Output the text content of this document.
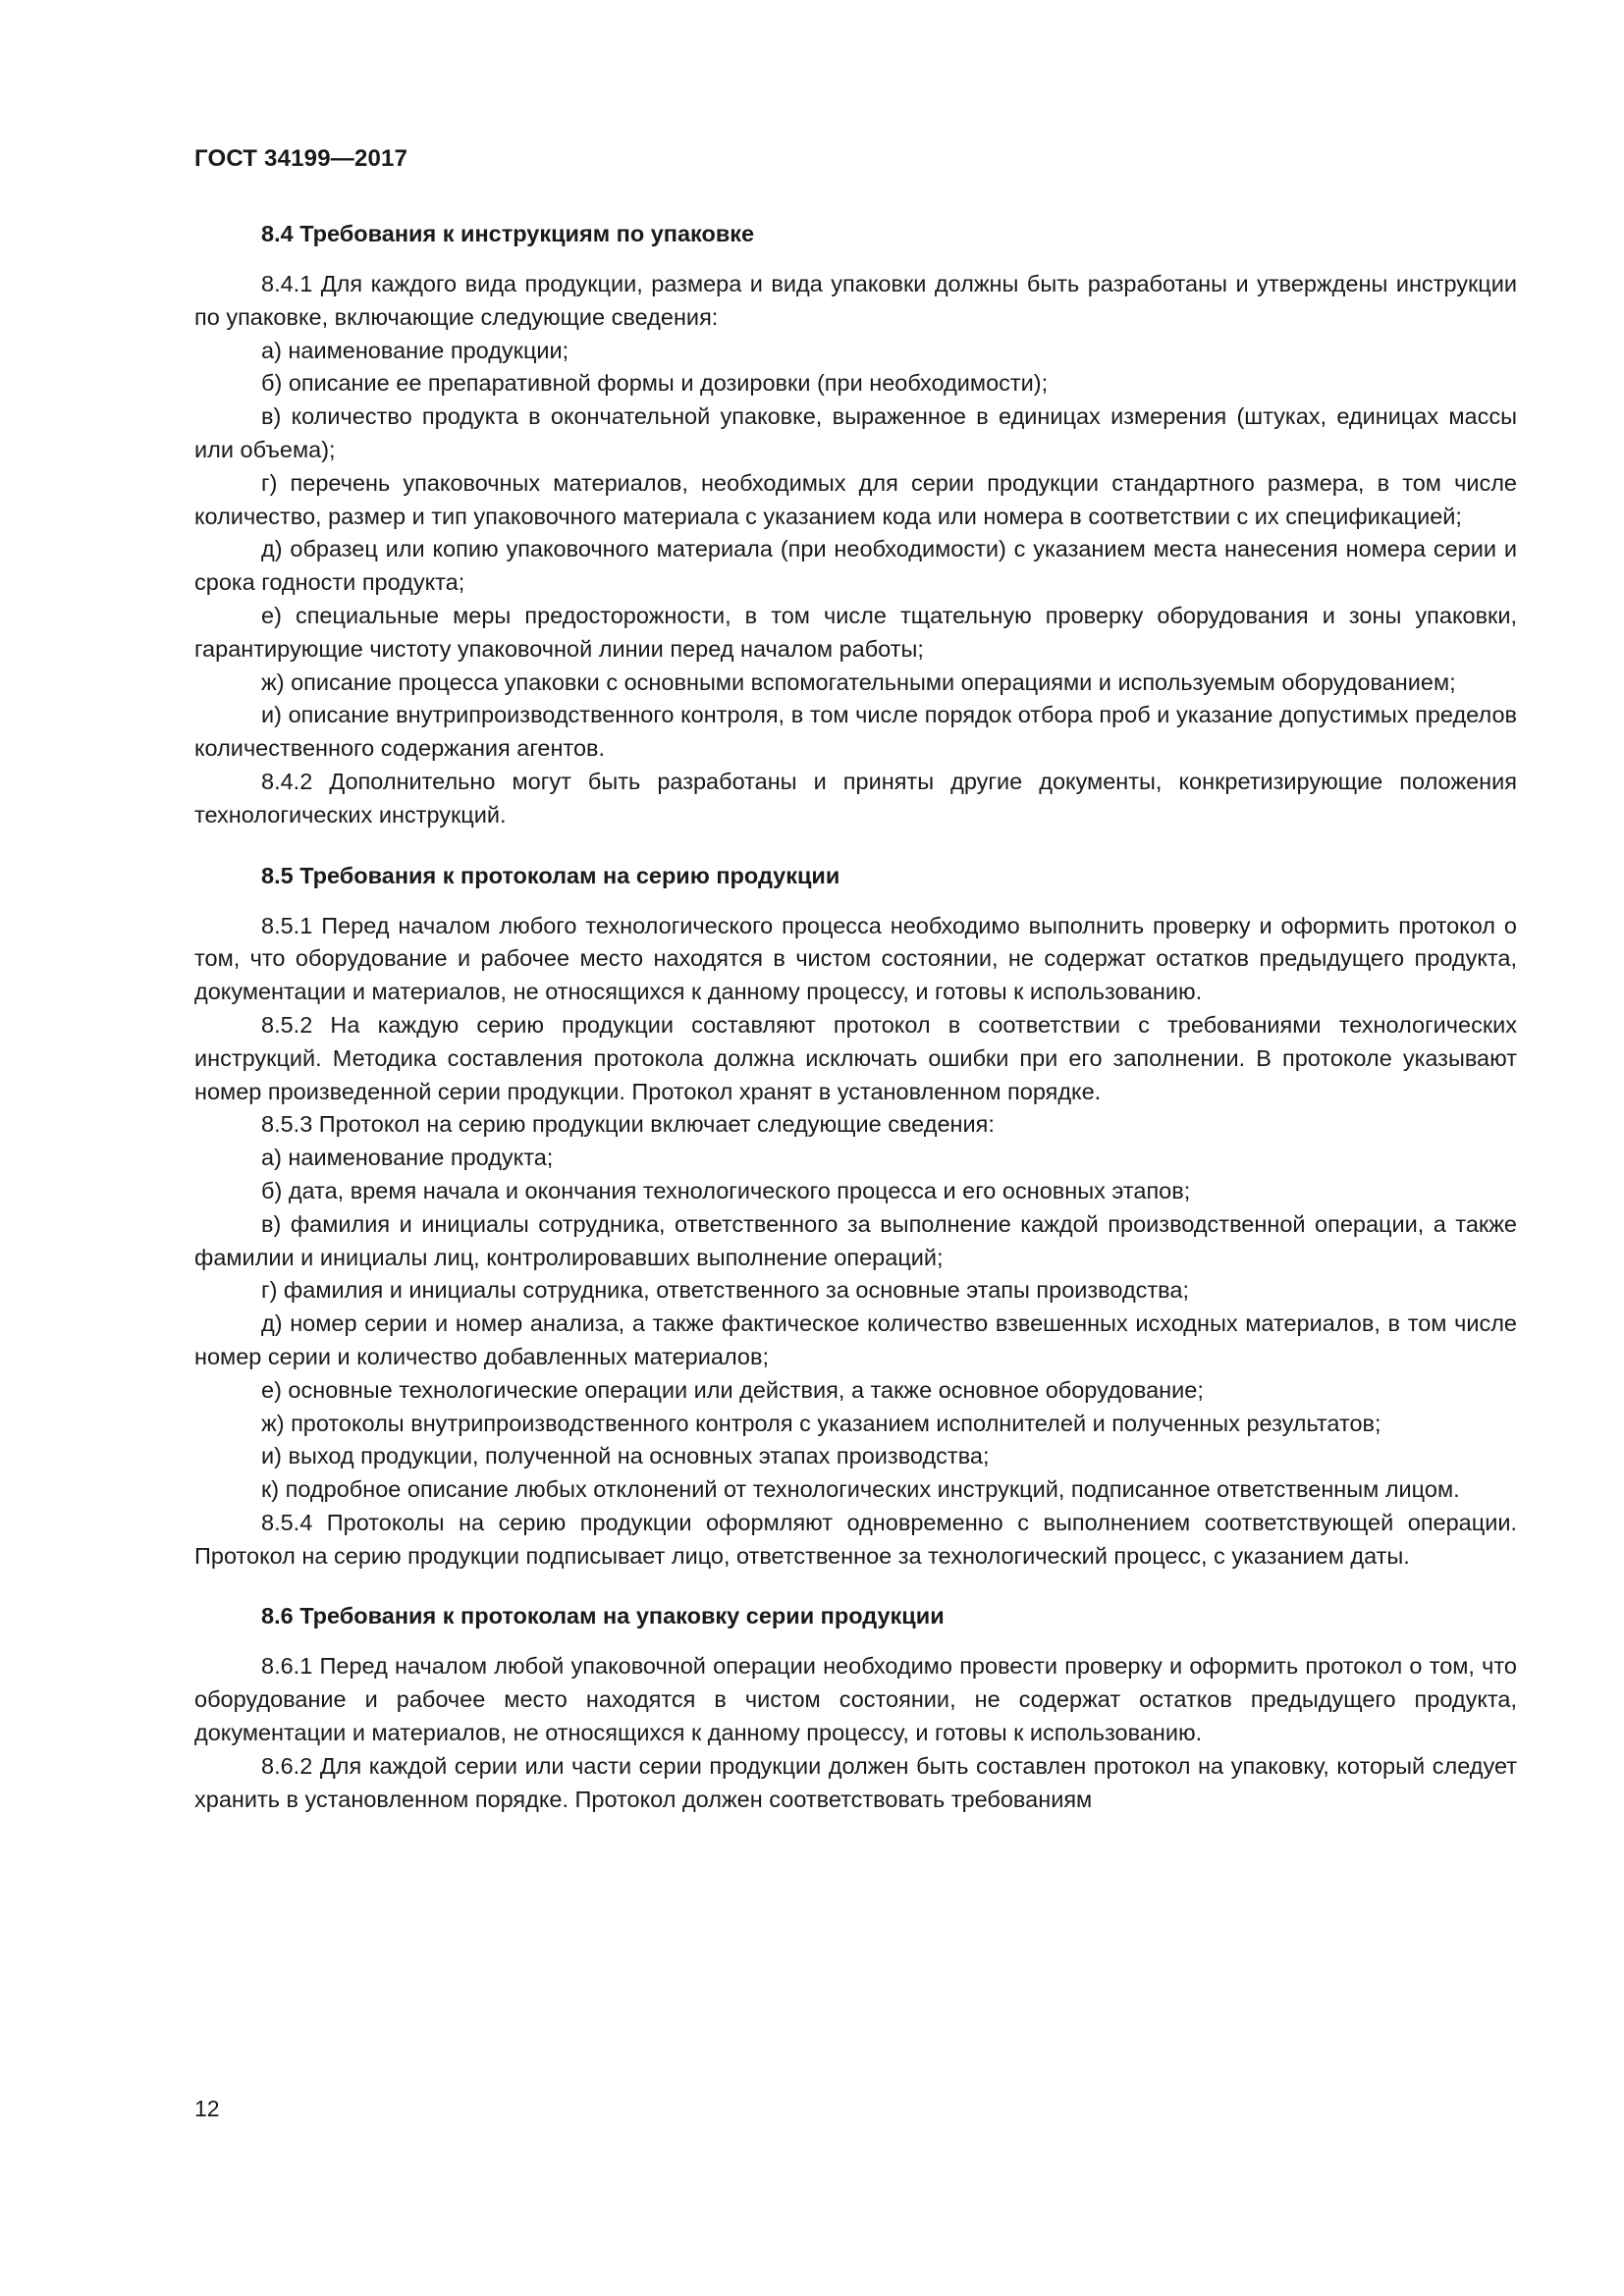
ГОСТ 34199—2017
8.4 Требования к инструкциям по упаковке

8.4.1 Для каждого вида продукции, размера и вида упаковки должны быть разработаны и утверждены инструкции по упаковке, включающие следующие сведения:

а) наименование продукции;

б) описание ее препаративной формы и дозировки (при необходимости);

в) количество продукта в окончательной упаковке, выраженное в единицах измерения (штуках, единицах массы или объема);

г) перечень упаковочных материалов, необходимых для серии продукции стандартного размера, в том числе количество, размер и тип упаковочного материала с указанием кода или номера в соответствии с их спецификацией;

д) образец или копию упаковочного материала (при необходимости) с указанием места нанесения номера серии и срока годности продукта;

е) специальные меры предосторожности, в том числе тщательную проверку оборудования и зоны упаковки, гарантирующие чистоту упаковочной линии перед началом работы;

ж) описание процесса упаковки с основными вспомогательными операциями и используемым оборудованием;

и) описание внутрипроизводственного контроля, в том числе порядок отбора проб и указание допустимых пределов количественного содержания агентов.

8.4.2 Дополнительно могут быть разработаны и приняты другие документы, конкретизирующие положения технологических инструкций.

8.5 Требования к протоколам на серию продукции

8.5.1 Перед началом любого технологического процесса необходимо выполнить проверку и оформить протокол о том, что оборудование и рабочее место находятся в чистом состоянии, не содержат остатков предыдущего продукта, документации и материалов, не относящихся к данному процессу, и готовы к использованию.

8.5.2 На каждую серию продукции составляют протокол в соответствии с требованиями технологических инструкций. Методика составления протокола должна исключать ошибки при его заполнении. В протоколе указывают номер произведенной серии продукции. Протокол хранят в установленном порядке.

8.5.3 Протокол на серию продукции включает следующие сведения:

а) наименование продукта;

б) дата, время начала и окончания технологического процесса и его основных этапов;

в) фамилия и инициалы сотрудника, ответственного за выполнение каждой производственной операции, а также фамилии и инициалы лиц, контролировавших выполнение операций;

г) фамилия и инициалы сотрудника, ответственного за основные этапы производства;

д) номер серии и номер анализа, а также фактическое количество взвешенных исходных материалов, в том числе номер серии и количество добавленных материалов;

е) основные технологические операции или действия, а также основное оборудование;

ж) протоколы внутрипроизводственного контроля с указанием исполнителей и полученных результатов;

и) выход продукции, полученной на основных этапах производства;

к) подробное описание любых отклонений от технологических инструкций, подписанное ответственным лицом.

8.5.4 Протоколы на серию продукции оформляют одновременно с выполнением соответствующей операции. Протокол на серию продукции подписывает лицо, ответственное за технологический процесс, с указанием даты.

8.6 Требования к протоколам на упаковку серии продукции

8.6.1 Перед началом любой упаковочной операции необходимо провести проверку и оформить протокол о том, что оборудование и рабочее место находятся в чистом состоянии, не содержат остатков предыдущего продукта, документации и материалов, не относящихся к данному процессу, и готовы к использованию.

8.6.2 Для каждой серии или части серии продукции должен быть составлен протокол на упаковку, который следует хранить в установленном порядке. Протокол должен соответствовать требованиям

12
